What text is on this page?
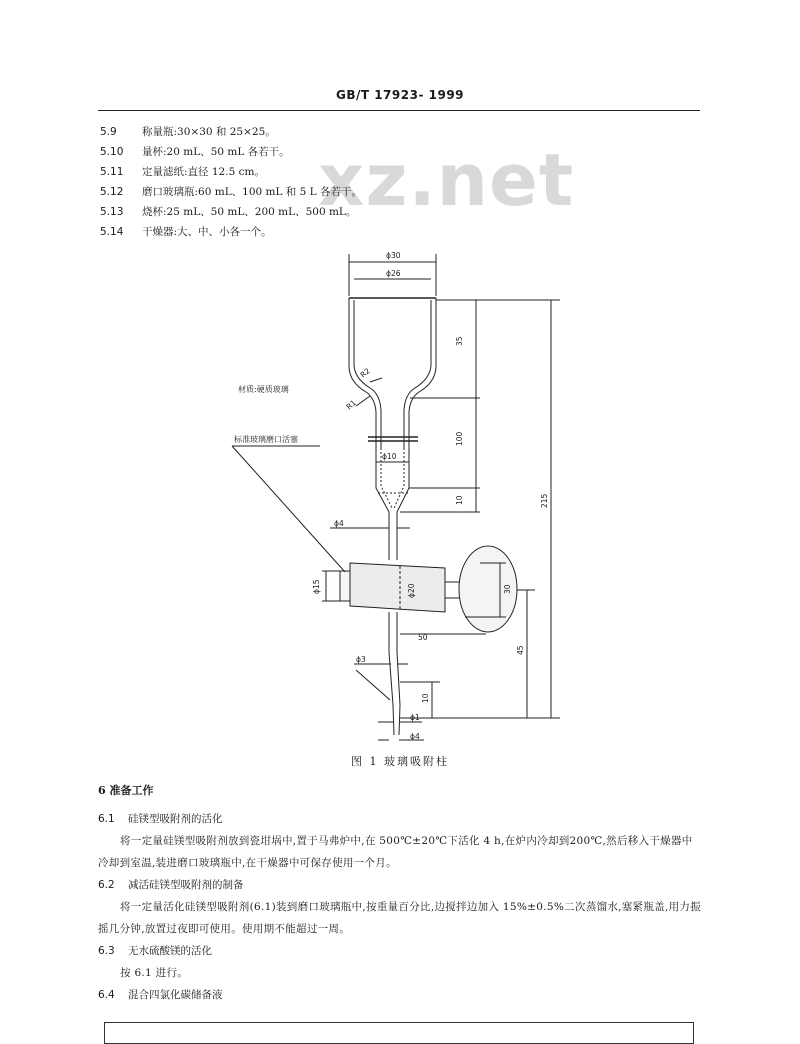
GB/T 17923- 1999
xz.net
5.9 称量瓶:30×30 和 25×25。
5.10 量杯:20 mL、50 mL 各若干。
5.11 定量滤纸:直径 12.5 cm。
5.12 磨口玻璃瓶:60 mL、100 mL 和 5 L 各若干。
5.13 烧杯:25 mL、50 mL、200 mL、500 mL。
5.14 干燥器:大、中、小各一个。
ϕ30
ϕ26
35
100
10	215
30
45
10
50
R2
R1
ϕ10
ϕ4
ϕ15	ϕ20
ϕ3
ϕ1
ϕ4
材质:硬质玻璃
标准玻璃磨口活塞
图 1 玻璃吸附柱
6 准备工作
6.1 硅镁型吸附剂的活化
将一定量硅镁型吸附剂放到瓷坩埚中,置于马弗炉中,在 500℃±20℃下活化 4 h,在炉内冷却到200℃,然后移入干燥器中冷却到室温,装进磨口玻璃瓶中,在干燥器中可保存使用一个月。
6.2 减活硅镁型吸附剂的制备
将一定量活化硅镁型吸附剂(6.1)装到磨口玻璃瓶中,按重量百分比,边搅拌边加入 15%±0.5%二次蒸馏水,塞紧瓶盖,用力振摇几分钟,放置过夜即可使用。使用期不能超过一周。
6.3 无水硫酸镁的活化
按 6.1 进行。
6.4 混合四氯化碳储备液
